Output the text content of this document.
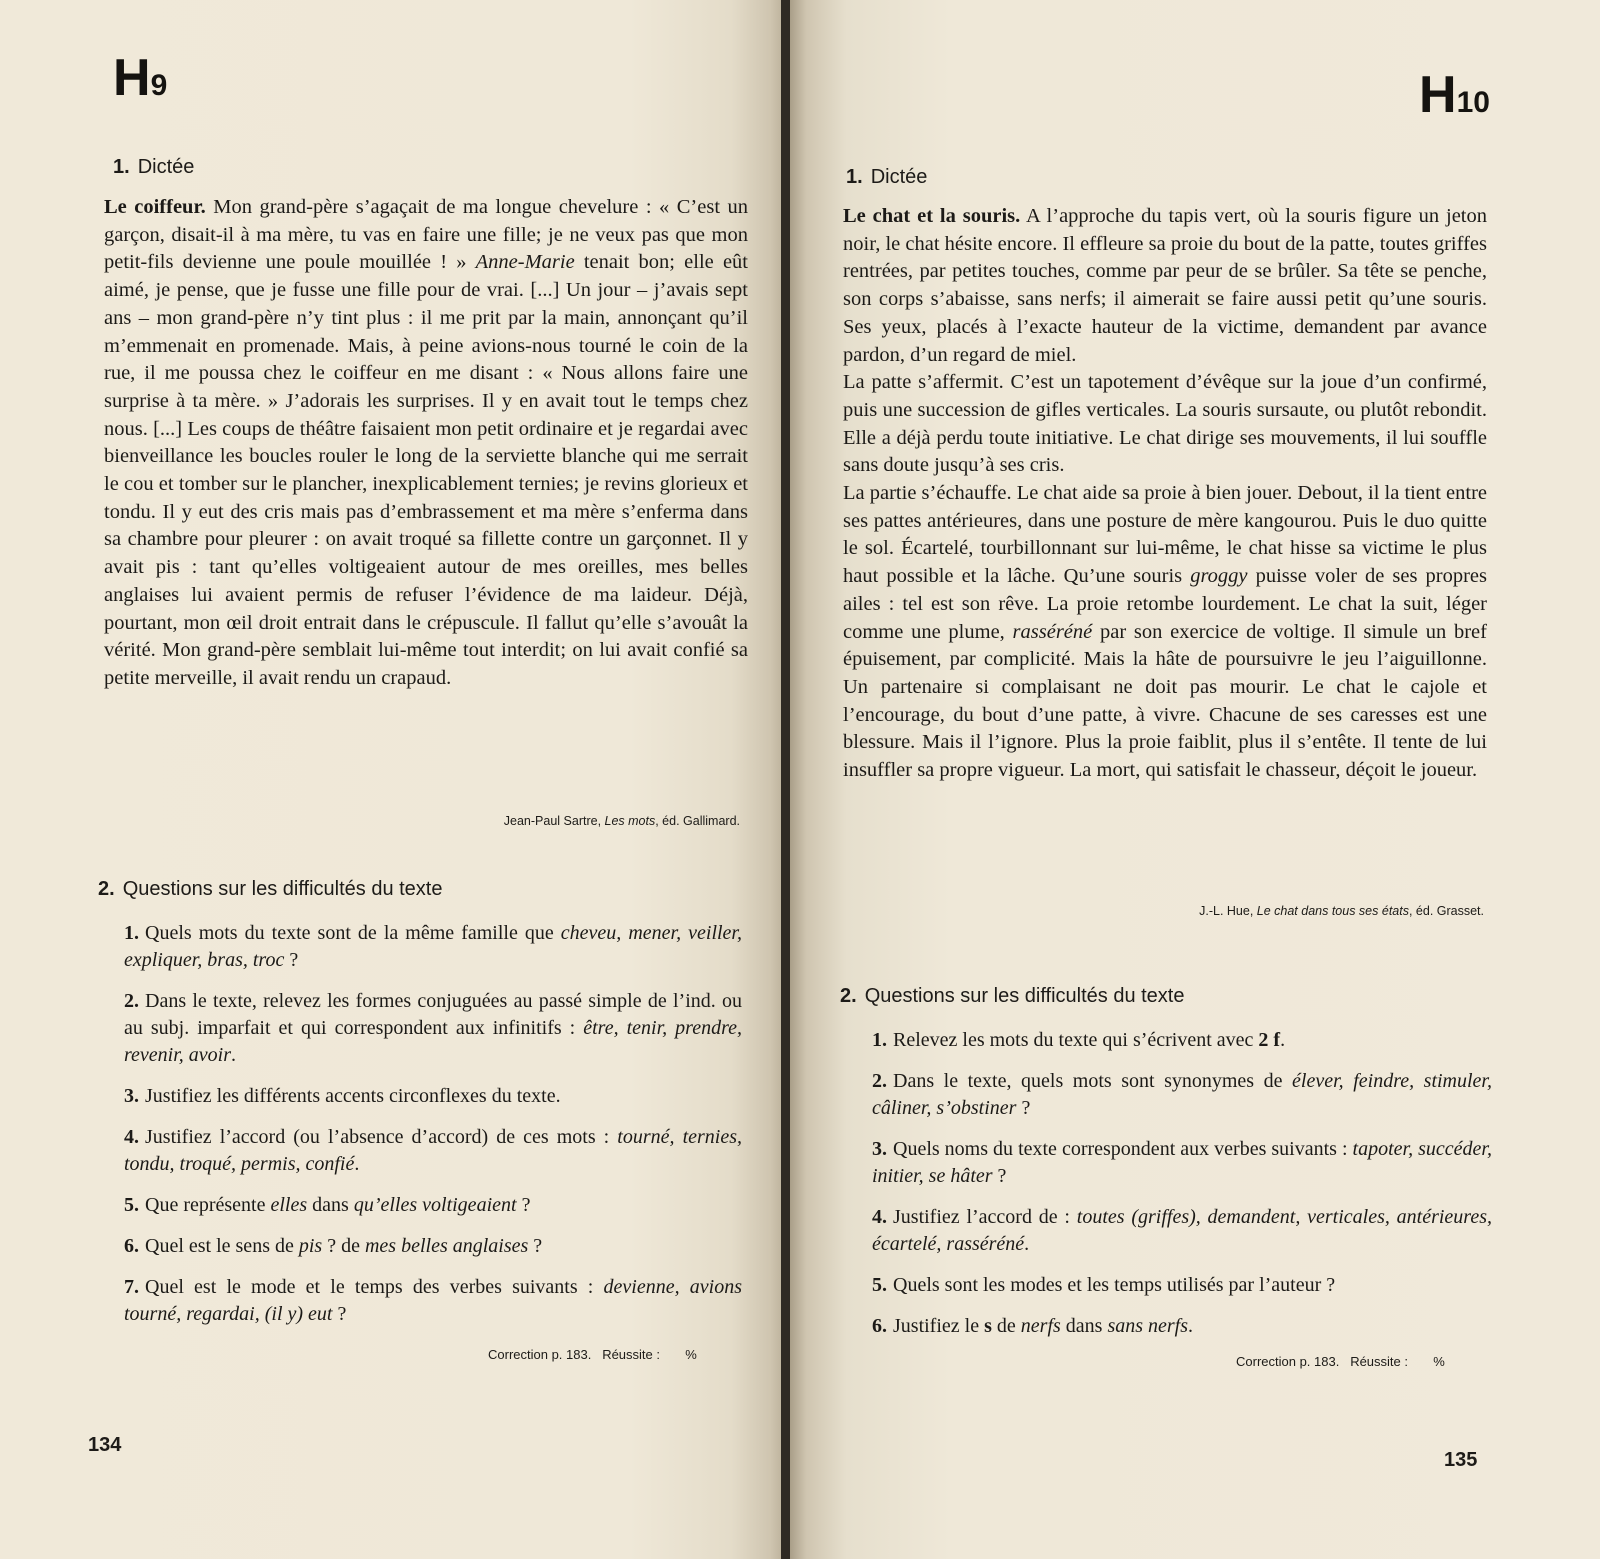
H9
1. Dictée

Le coiffeur. Mon grand-père s’agaçait de ma longue chevelure : « C’est un garçon, disait-il à ma mère, tu vas en faire une fille; je ne veux pas que mon petit-fils devienne une poule mouillée ! » Anne-Marie tenait bon; elle eût aimé, je pense, que je fusse une fille pour de vrai. [...] Un jour – j’avais sept ans – mon grand-père n’y tint plus : il me prit par la main, annonçant qu’il m’emmenait en promenade. Mais, à peine avions-nous tourné le coin de la rue, il me poussa chez le coiffeur en me disant : « Nous allons faire une surprise à ta mère. » J’adorais les surprises. Il y en avait tout le temps chez nous. [...] Les coups de théâtre faisaient mon petit ordinaire et je regardai avec bienveillance les boucles rouler le long de la serviette blanche qui me serrait le cou et tomber sur le plancher, inexplicablement ternies; je revins glorieux et tondu. Il y eut des cris mais pas d’embrassement et ma mère s’enferma dans sa chambre pour pleurer : on avait troqué sa fillette contre un garçonnet. Il y avait pis : tant qu’elles voltigeaient autour de mes oreilles, mes belles anglaises lui avaient permis de refuser l’évidence de ma laideur. Déjà, pourtant, mon œil droit entrait dans le crépuscule. Il fallut qu’elle s’avouât la vérité. Mon grand-père semblait lui-même tout interdit; on lui avait confié sa petite merveille, il avait rendu un crapaud.

Jean-Paul Sartre, Les mots, éd. Gallimard.
2. Questions sur les difficultés du texte
1. Quels mots du texte sont de la même famille que cheveu, mener, veiller, expliquer, bras, troc ?
2. Dans le texte, relevez les formes conjuguées au passé simple de l’ind. ou au subj. imparfait et qui correspondent aux infinitifs : être, tenir, prendre, revenir, avoir.
3. Justifiez les différents accents circonflexes du texte.
4. Justifiez l’accord (ou l’absence d’accord) de ces mots : tourné, ternies, tondu, troqué, permis, confié.
5. Que représente elles dans qu’elles voltigeaient ?
6. Quel est le sens de pis ? de mes belles anglaises ?
7. Quel est le mode et le temps des verbes suivants : devienne, avions tourné, regardai, (il y) eut ?
Correction p. 183. Réussite : %
134
H10
1. Dictée

Le chat et la souris. A l’approche du tapis vert, où la souris figure un jeton noir, le chat hésite encore. Il effleure sa proie du bout de la patte, toutes griffes rentrées, par petites touches, comme par peur de se brûler. Sa tête se penche, son corps s’abaisse, sans nerfs; il aimerait se faire aussi petit qu’une souris. Ses yeux, placés à l’exacte hauteur de la victime, demandent par avance pardon, d’un regard de miel.

La patte s’affermit. C’est un tapotement d’évêque sur la joue d’un confirmé, puis une succession de gifles verticales. La souris sursaute, ou plutôt rebondit. Elle a déjà perdu toute initiative. Le chat dirige ses mouvements, il lui souffle sans doute jusqu’à ses cris.

La partie s’échauffe. Le chat aide sa proie à bien jouer. Debout, il la tient entre ses pattes antérieures, dans une posture de mère kangourou. Puis le duo quitte le sol. Écartelé, tourbillonnant sur lui-même, le chat hisse sa victime le plus haut possible et la lâche. Qu’une souris groggy puisse voler de ses propres ailes : tel est son rêve. La proie retombe lourdement. Le chat la suit, léger comme une plume, rasséréné par son exercice de voltige. Il simule un bref épuisement, par complicité. Mais la hâte de poursuivre le jeu l’aiguillonne. Un partenaire si complaisant ne doit pas mourir. Le chat le cajole et l’encourage, du bout d’une patte, à vivre. Chacune de ses caresses est une blessure. Mais il l’ignore. Plus la proie faiblit, plus il s’entête. Il tente de lui insuffler sa propre vigueur. La mort, qui satisfait le chasseur, déçoit le joueur.

J.-L. Hue, Le chat dans tous ses états, éd. Grasset.
2. Questions sur les difficultés du texte
1. Relevez les mots du texte qui s’écrivent avec 2 f.
2. Dans le texte, quels mots sont synonymes de élever, feindre, stimuler, câliner, s’obstiner ?
3. Quels noms du texte correspondent aux verbes suivants : tapoter, succéder, initier, se hâter ?
4. Justifiez l’accord de : toutes (griffes), demandent, verticales, antérieures, écartelé, rasséréné.
5. Quels sont les modes et les temps utilisés par l’auteur ?
6. Justifiez le s de nerfs dans sans nerfs.
Correction p. 183. Réussite : %
135
